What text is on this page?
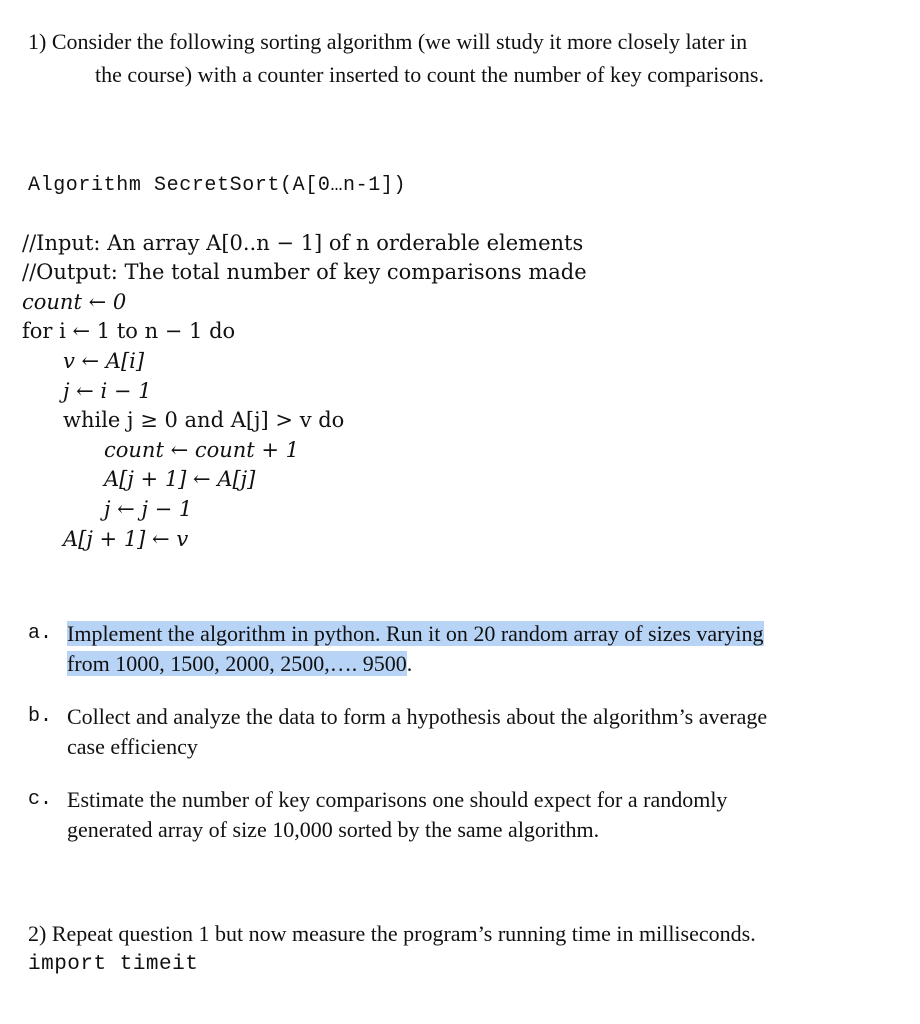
1) Consider the following sorting algorithm (we will study it more closely later in
the course) with a counter inserted to count the number of key comparisons.
Algorithm SecretSort(A[0…n-1])
//Input: An array A[0..n − 1] of n orderable elements
//Output: The total number of key comparisons made
count ← 0
for i ← 1 to n − 1 do
v ← A[i]
j ← i − 1
while j ≥ 0 and A[j] > v do
count ← count + 1
A[j + 1] ← A[j]
j ← j − 1
A[j + 1] ← v
a. Implement the algorithm in python. Run it on 20 random array of sizes varying
from 1000, 1500, 2000, 2500,…. 9500.
b. Collect and analyze the data to form a hypothesis about the algorithm’s average
case efficiency
c. Estimate the number of key comparisons one should expect for a randomly
generated array of size 10,000 sorted by the same algorithm.
2) Repeat question 1 but now measure the program’s running time in milliseconds.
import timeit
